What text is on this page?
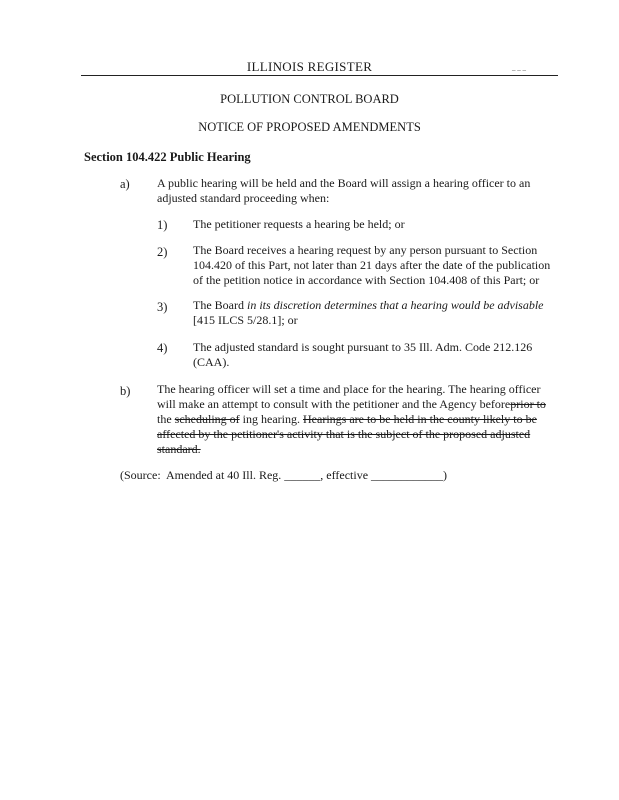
ILLINOIS REGISTER	_ _ _
POLLUTION CONTROL BOARD
NOTICE OF PROPOSED AMENDMENTS
Section 104.422 Public Hearing
a) A public hearing will be held and the Board will assign a hearing officer to an adjusted standard proceeding when:

1) The petitioner requests a hearing be held; or

2) The Board receives a hearing request by any person pursuant to Section 104.420 of this Part, not later than 21 days after the date of the publication of the petition notice in accordance with Section 104.408 of this Part; or

3) The Board in its discretion determines that a hearing would be advisable [415 ILCS 5/28.1]; or

4) The adjusted standard is sought pursuant to 35 Ill. Adm. Code 212.126 (CAA).

b) The hearing officer will set a time and place for the hearing. The hearing officer will make an attempt to consult with the petitioner and the Agency beforeprior to the scheduling of ing hearing. Hearings are to be held in the county likely to be affected by the petitioner's activity that is the subject of the proposed adjusted standard.

(Source:  Amended at 40 Ill. Reg. ______, effective ____________)
